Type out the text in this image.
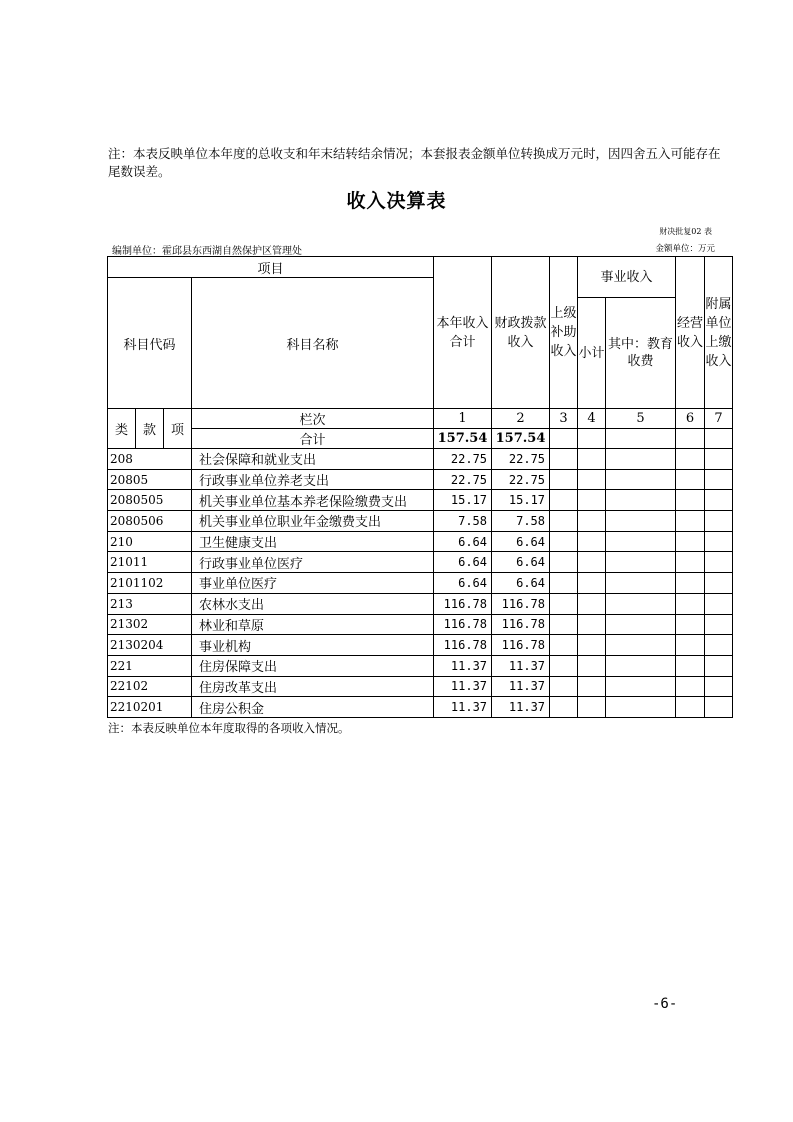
注：本表反映单位本年度的总收支和年末结转结余情况；本套报表金额单位转换成万元时，因四舍五入可能存在尾数误差。
收入决算表
财决批复02 表
编制单位：霍邱县东西湖自然保护区管理处	金额单位：万元
项目				本年收入合计	财政拨款收入	上级补助收入	事业收入		经营收入	附属单位上缴收入	
科目代码			科目名称								
							小计	其中：教育收费			
类	款	项	栏次	1	2	3	4	5	6	7	
			合计	157.54	157.54						
208			社会保障和就业支出	22.75	22.75						
20805			行政事业单位养老支出	22.75	22.75						
2080505			机关事业单位基本养老保险缴费支出	15.17	15.17						
2080506			机关事业单位职业年金缴费支出	7.58	7.58						
210			卫生健康支出	6.64	6.64						
21011			行政事业单位医疗	6.64	6.64						
2101102			事业单位医疗	6.64	6.64						
213			农林水支出	116.78	116.78						
21302			林业和草原	116.78	116.78						
2130204			事业机构	116.78	116.78						
221			住房保障支出	11.37	11.37						
22102			住房改革支出	11.37	11.37						
2210201			住房公积金	11.37	11.37						
注：本表反映单位本年度取得的各项收入情况。
-6-
